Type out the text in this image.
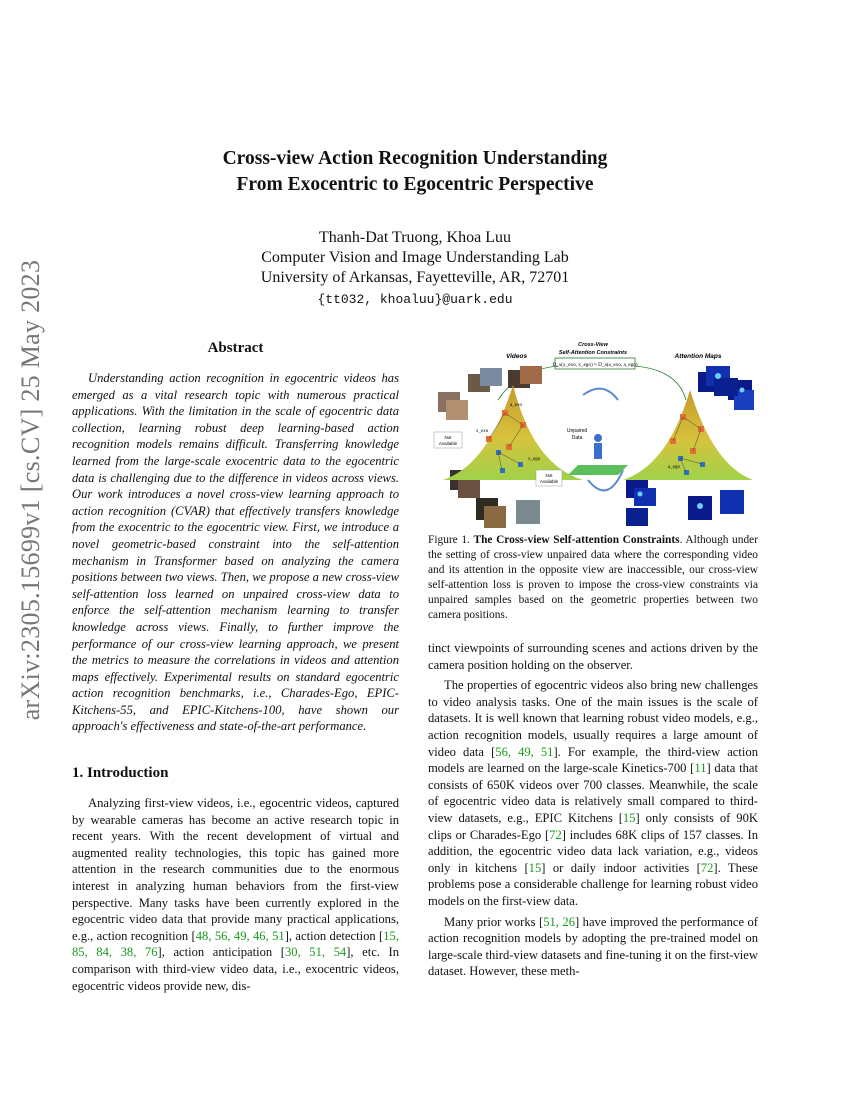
arXiv:2305.15699v1 [cs.CV] 25 May 2023
Cross-view Action Recognition Understanding
From Exocentric to Egocentric Perspective
Thanh-Dat Truong, Khoa Luu
Computer Vision and Image Understanding Lab
University of Arkansas, Fayetteville, AR, 72701
{tt032, khoaluu}@uark.edu
Abstract

Understanding action recognition in egocentric videos has emerged as a vital research topic with numerous practical applications. With the limitation in the scale of egocentric data collection, learning robust deep learning-based action recognition models remains difficult. Transferring knowledge learned from the large-scale exocentric data to the egocentric data is challenging due to the difference in videos across views. Our work introduces a novel cross-view learning approach to action recognition (CVAR) that effectively transfers knowledge from the exocentric to the egocentric view. First, we introduce a novel geometric-based constraint into the self-attention mechanism in Transformer based on analyzing the camera positions between two views. Then, we propose a new cross-view self-attention loss learned on unpaired cross-view data to enforce the self-attention mechanism learning to transfer knowledge across views. Finally, to further improve the performance of our cross-view learning approach, we present the metrics to measure the correlations in videos and attention maps effectively. Experimental results on standard egocentric action recognition benchmarks, i.e., Charades-Ego, EPIC-Kitchens-55, and EPIC-Kitchens-100, have shown our approach's effectiveness and state-of-the-art performance.

1. Introduction

Analyzing first-view videos, i.e., egocentric videos, captured by wearable cameras has become an active research topic in recent years. With the recent development of virtual and augmented reality technologies, this topic has gained more attention in the research communities due to the enormous interest in analyzing human behaviors from the first-view perspective. Many tasks have been currently explored in the egocentric video data that provide many practical applications, e.g., action recognition [48, 56, 49, 46, 51], action detection [15, 85, 84, 38, 76], action anticipation [30, 51, 54], etc. In comparison with third-view video data, i.e., exocentric videos, egocentric videos provide new, dis-

Videos
Cross-View
Self-Attention Constraints	Attention Maps
D_x(x_exo, x_ego) ≈ D_a(a_exo, a_ego)
a_exo
x_exo
x_ego
a_ego
Not
Available
Not
Available
Unpaired
Data
Figure 1. The Cross-view Self-attention Constraints. Although under the setting of cross-view unpaired data where the corresponding video and its attention in the opposite view are inaccessible, our cross-view self-attention loss is proven to impose the cross-view constraints via unpaired samples based on the geometric properties between two camera positions.

tinct viewpoints of surrounding scenes and actions driven by the camera position holding on the observer.

The properties of egocentric videos also bring new challenges to video analysis tasks. One of the main issues is the scale of datasets. It is well known that learning robust video models, e.g., action recognition models, usually requires a large amount of video data [56, 49, 51]. For example, the third-view action models are learned on the large-scale Kinetics-700 [11] data that consists of 650K videos over 700 classes. Meanwhile, the scale of egocentric video data is relatively small compared to third-view datasets, e.g., EPIC Kitchens [15] only consists of 90K clips or Charades-Ego [72] includes 68K clips of 157 classes. In addition, the egocentric video data lack variation, e.g., videos only in kitchens [15] or daily indoor activities [72]. These problems pose a considerable challenge for learning robust video models on the first-view data.

Many prior works [51, 26] have improved the performance of action recognition models by adopting the pre-trained model on large-scale third-view datasets and fine-tuning it on the first-view dataset. However, these meth-
